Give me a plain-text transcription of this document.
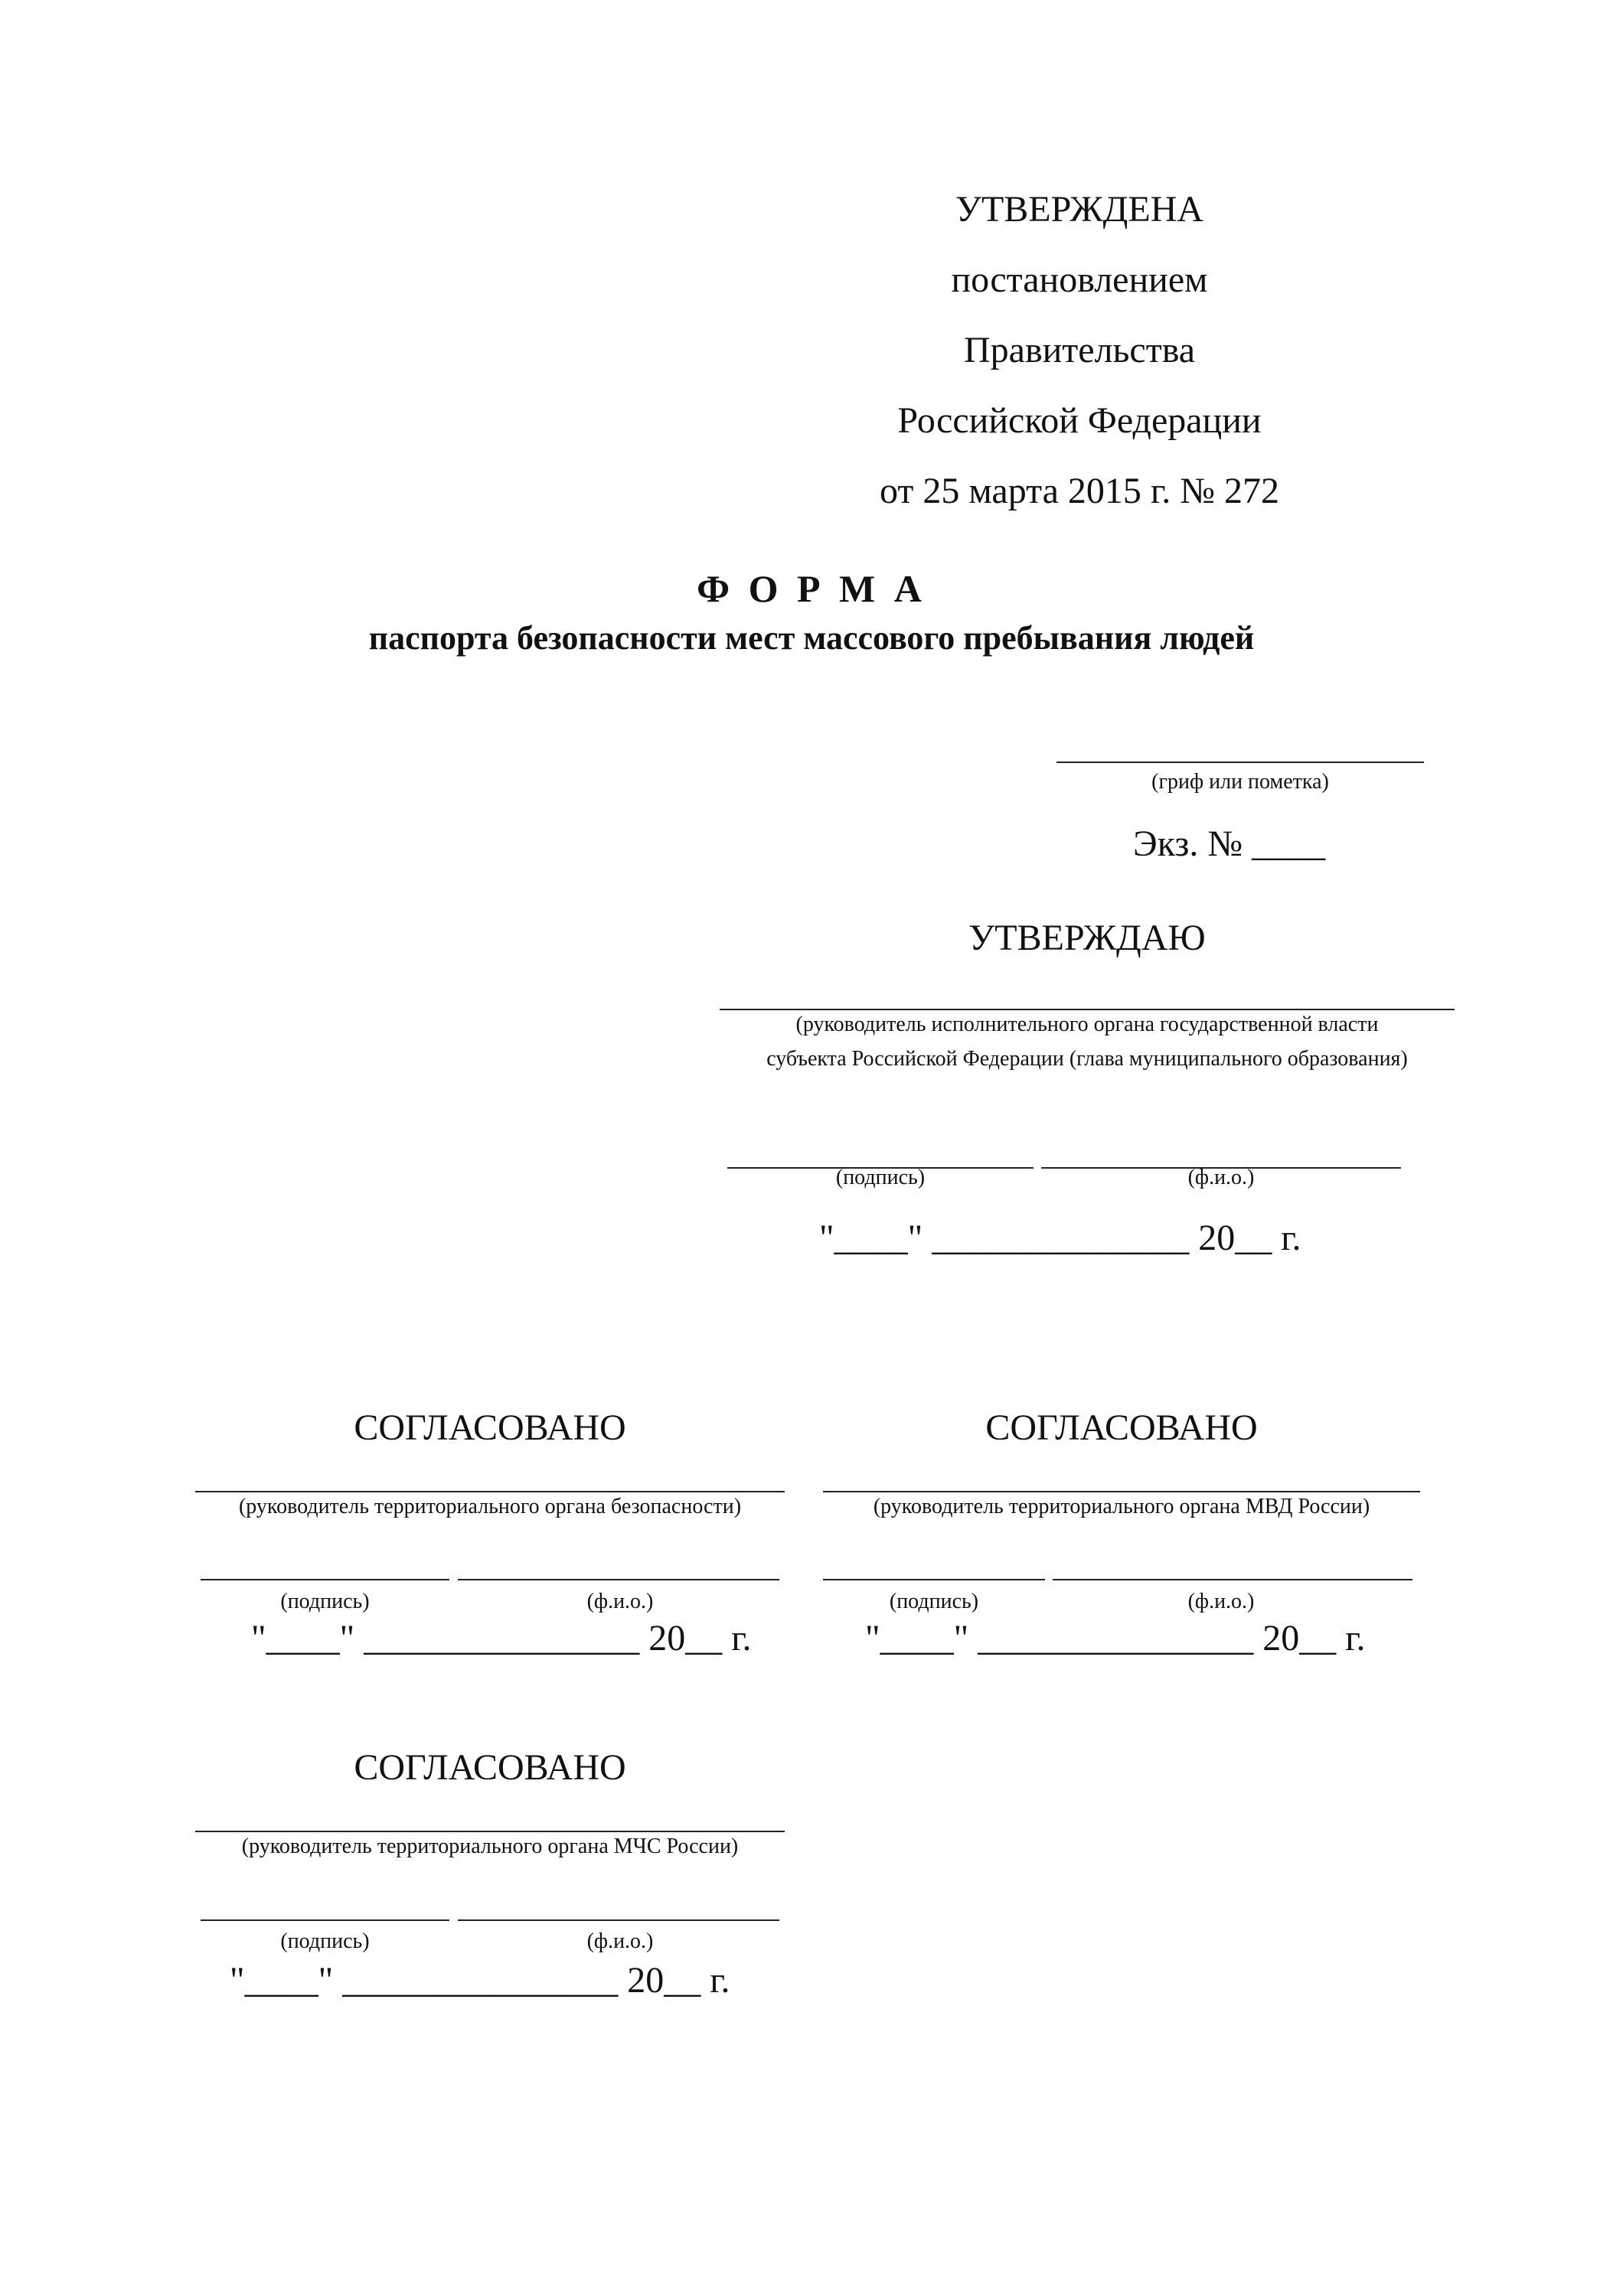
УТВЕРЖДЕНА
постановлением Правительства
Российской Федерации
от 25 марта 2015 г. № 272
Ф О Р М А
паспорта безопасности мест массового пребывания людей
(гриф или пометка)
Экз. № ____
УТВЕРЖДАЮ
(руководитель исполнительного органа государственной власти субъекта Российской Федерации (глава муниципального образования)
(подпись)	(ф.и.о.)
"____" ______________ 20__ г.
СОГЛАСОВАНО
(руководитель территориального органа безопасности)
(подпись)	(ф.и.о.)
"____" _______________ 20__ г.
СОГЛАСОВАНО
(руководитель территориального органа МВД России)
(подпись)	(ф.и.о.)
"____" _______________ 20__ г.
СОГЛАСОВАНО
(руководитель территориального органа МЧС России)
(подпись)	(ф.и.о.)
"____" _______________ 20__ г.
